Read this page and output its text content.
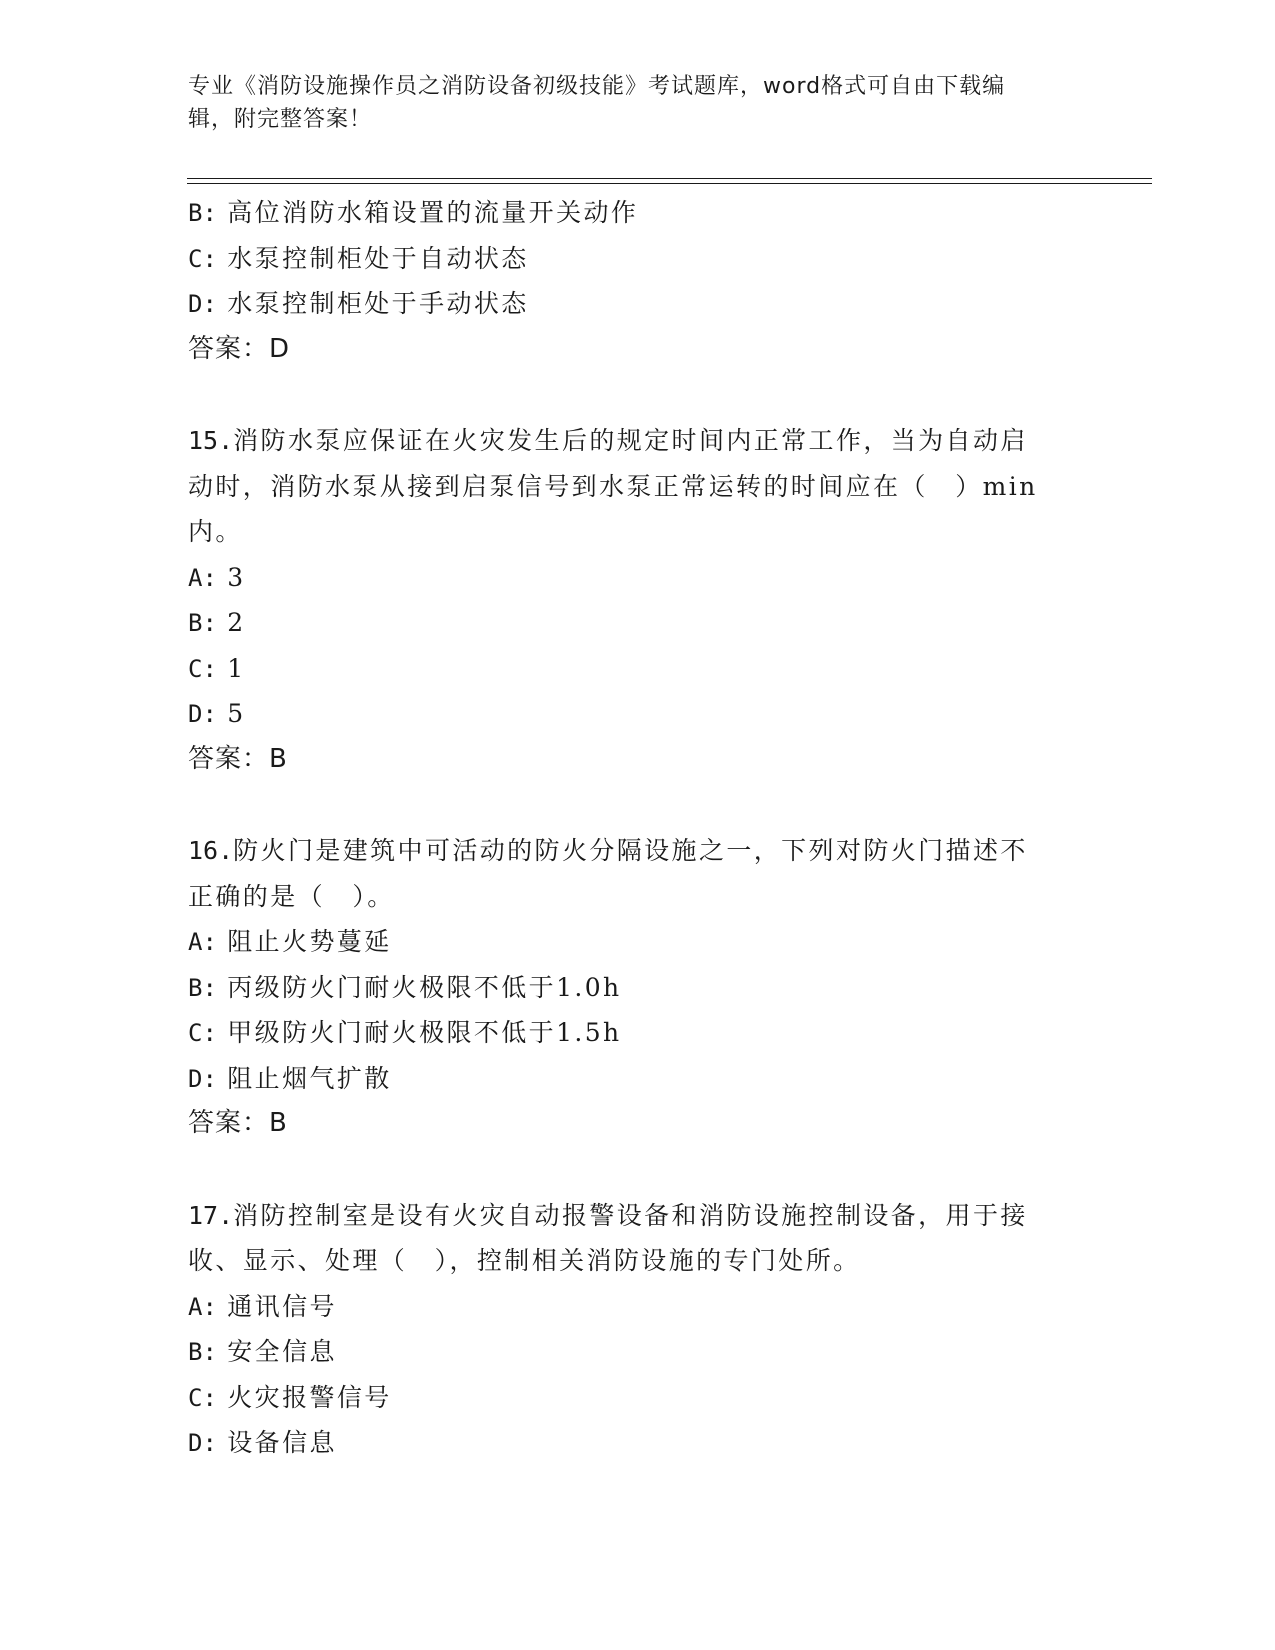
专业《消防设施操作员之消防设备初级技能》考试题库，word格式可自由下载编
辑，附完整答案！
B: 高位消防水箱设置的流量开关动作
C: 水泵控制柜处于自动状态
D: 水泵控制柜处于手动状态
答案：D
15.消防水泵应保证在火灾发生后的规定时间内正常工作，当为自动启
动时，消防水泵从接到启泵信号到水泵正常运转的时间应在（　）min
内。
A: 3
B: 2
C: 1
D: 5
答案：B
16.防火门是建筑中可活动的防火分隔设施之一，下列对防火门描述不
正确的是（　）。
A: 阻止火势蔓延
B: 丙级防火门耐火极限不低于1.0h
C: 甲级防火门耐火极限不低于1.5h
D: 阻止烟气扩散
答案：B
17.消防控制室是设有火灾自动报警设备和消防设施控制设备，用于接
收、显示、处理（　），控制相关消防设施的专门处所。
A: 通讯信号
B: 安全信息
C: 火灾报警信号
D: 设备信息
